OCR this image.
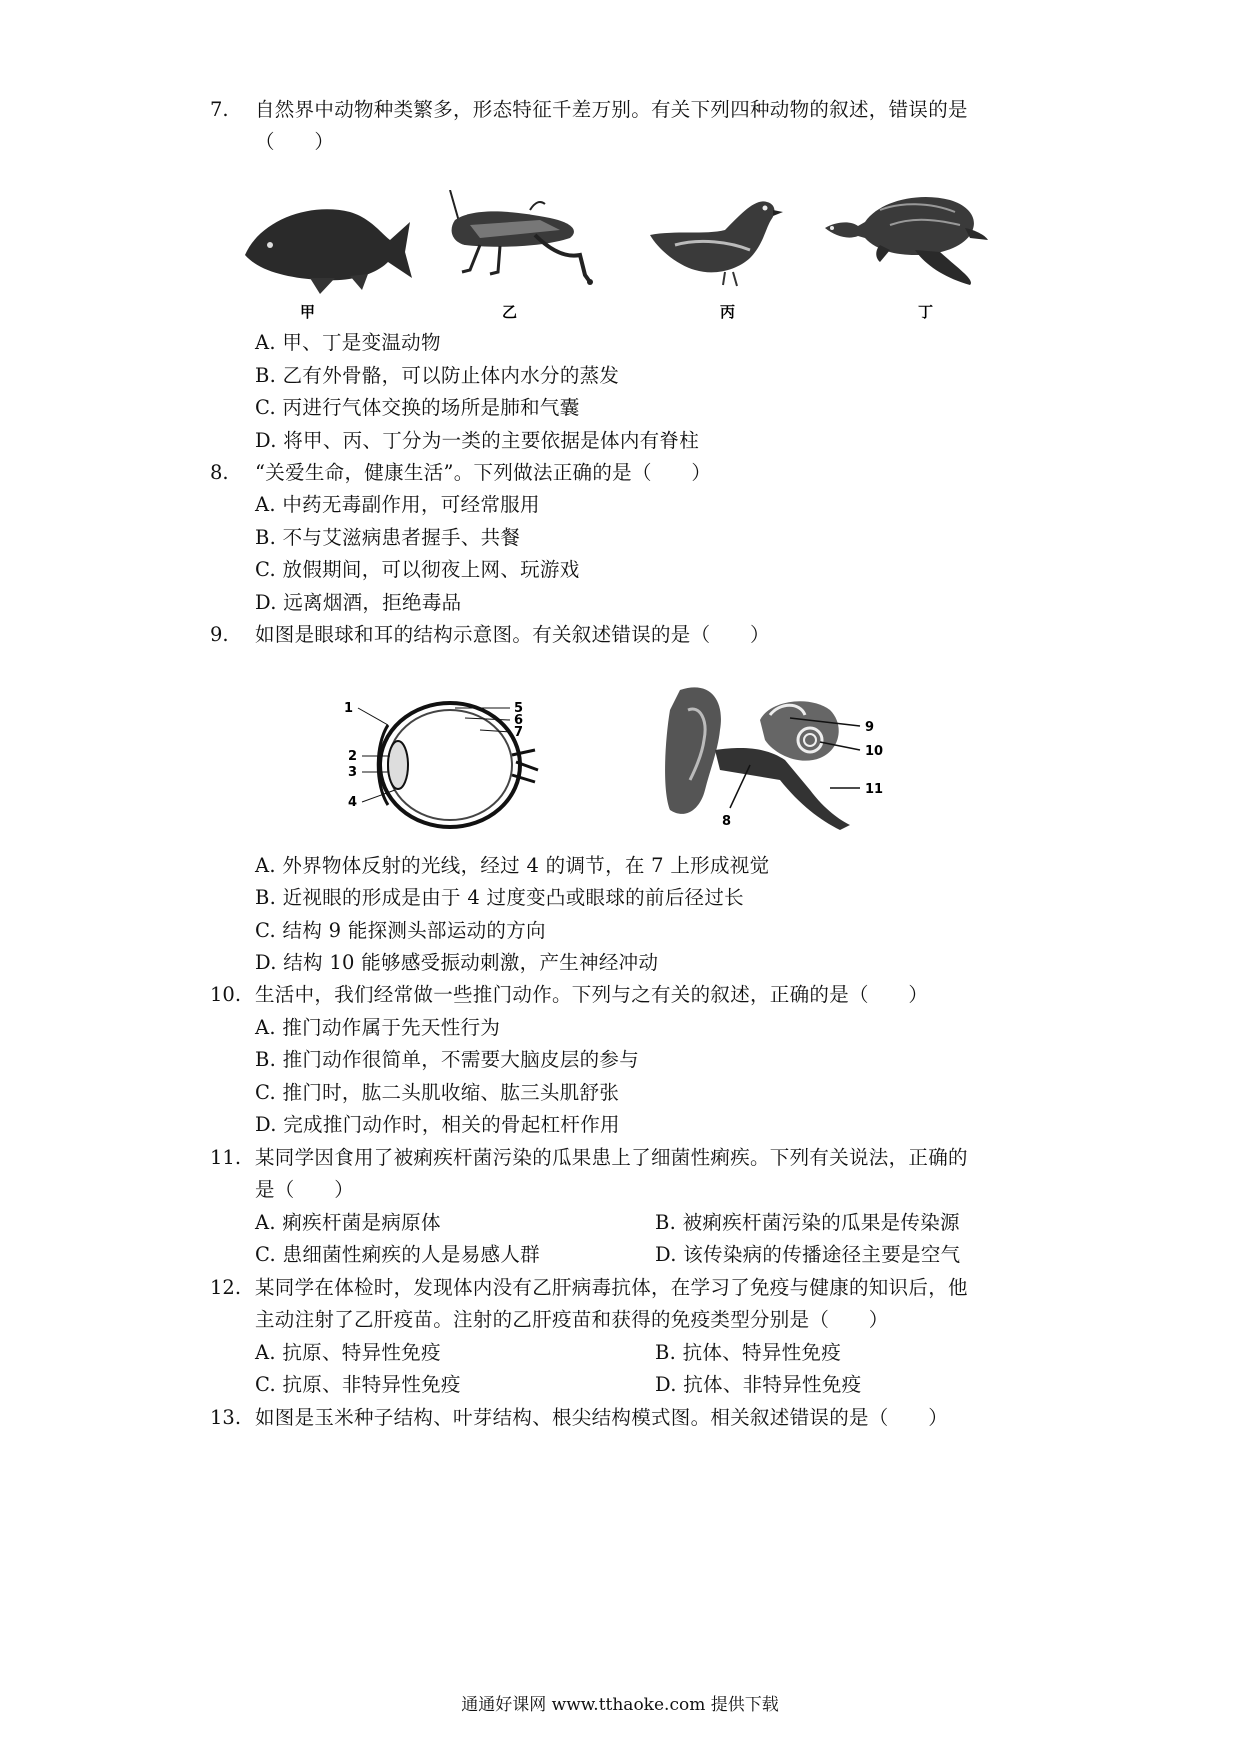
7. 自然界中动物种类繁多，形态特征千差万别。有关下列四种动物的叙述，错误的是
（　　）
甲	乙	丙	丁
A. 甲、丁是变温动物
B. 乙有外骨骼，可以防止体内水分的蒸发
C. 丙进行气体交换的场所是肺和气囊
D. 将甲、丙、丁分为一类的主要依据是体内有脊柱
8. “关爱生命，健康生活”。下列做法正确的是（　　）
A. 中药无毒副作用，可经常服用
B. 不与艾滋病患者握手、共餐
C. 放假期间，可以彻夜上网、玩游戏
D. 远离烟酒，拒绝毒品
9. 如图是眼球和耳的结构示意图。有关叙述错误的是（　　）
1
2
3
4
5
6
7	9
10
11
8
A. 外界物体反射的光线，经过 4 的调节，在 7 上形成视觉
B. 近视眼的形成是由于 4 过度变凸或眼球的前后径过长
C. 结构 9 能探测头部运动的方向
D. 结构 10 能够感受振动刺激，产生神经冲动
10. 生活中，我们经常做一些推门动作。下列与之有关的叙述，正确的是（　　）
A. 推门动作属于先天性行为
B. 推门动作很简单，不需要大脑皮层的参与
C. 推门时，肱二头肌收缩、肱三头肌舒张
D. 完成推门动作时，相关的骨起杠杆作用
11. 某同学因食用了被痢疾杆菌污染的瓜果患上了细菌性痢疾。下列有关说法，正确的
是（　　）
A. 痢疾杆菌是病原体	B. 被痢疾杆菌污染的瓜果是传染源
C. 患细菌性痢疾的人是易感人群	D. 该传染病的传播途径主要是空气
12. 某同学在体检时，发现体内没有乙肝病毒抗体，在学习了免疫与健康的知识后，他
主动注射了乙肝疫苗。注射的乙肝疫苗和获得的免疫类型分别是（　　）
A. 抗原、特异性免疫	B. 抗体、特异性免疫
C. 抗原、非特异性免疫	D. 抗体、非特异性免疫
13. 如图是玉米种子结构、叶芽结构、根尖结构模式图。相关叙述错误的是（　　）
通通好课网 www.tthaoke.com 提供下载
